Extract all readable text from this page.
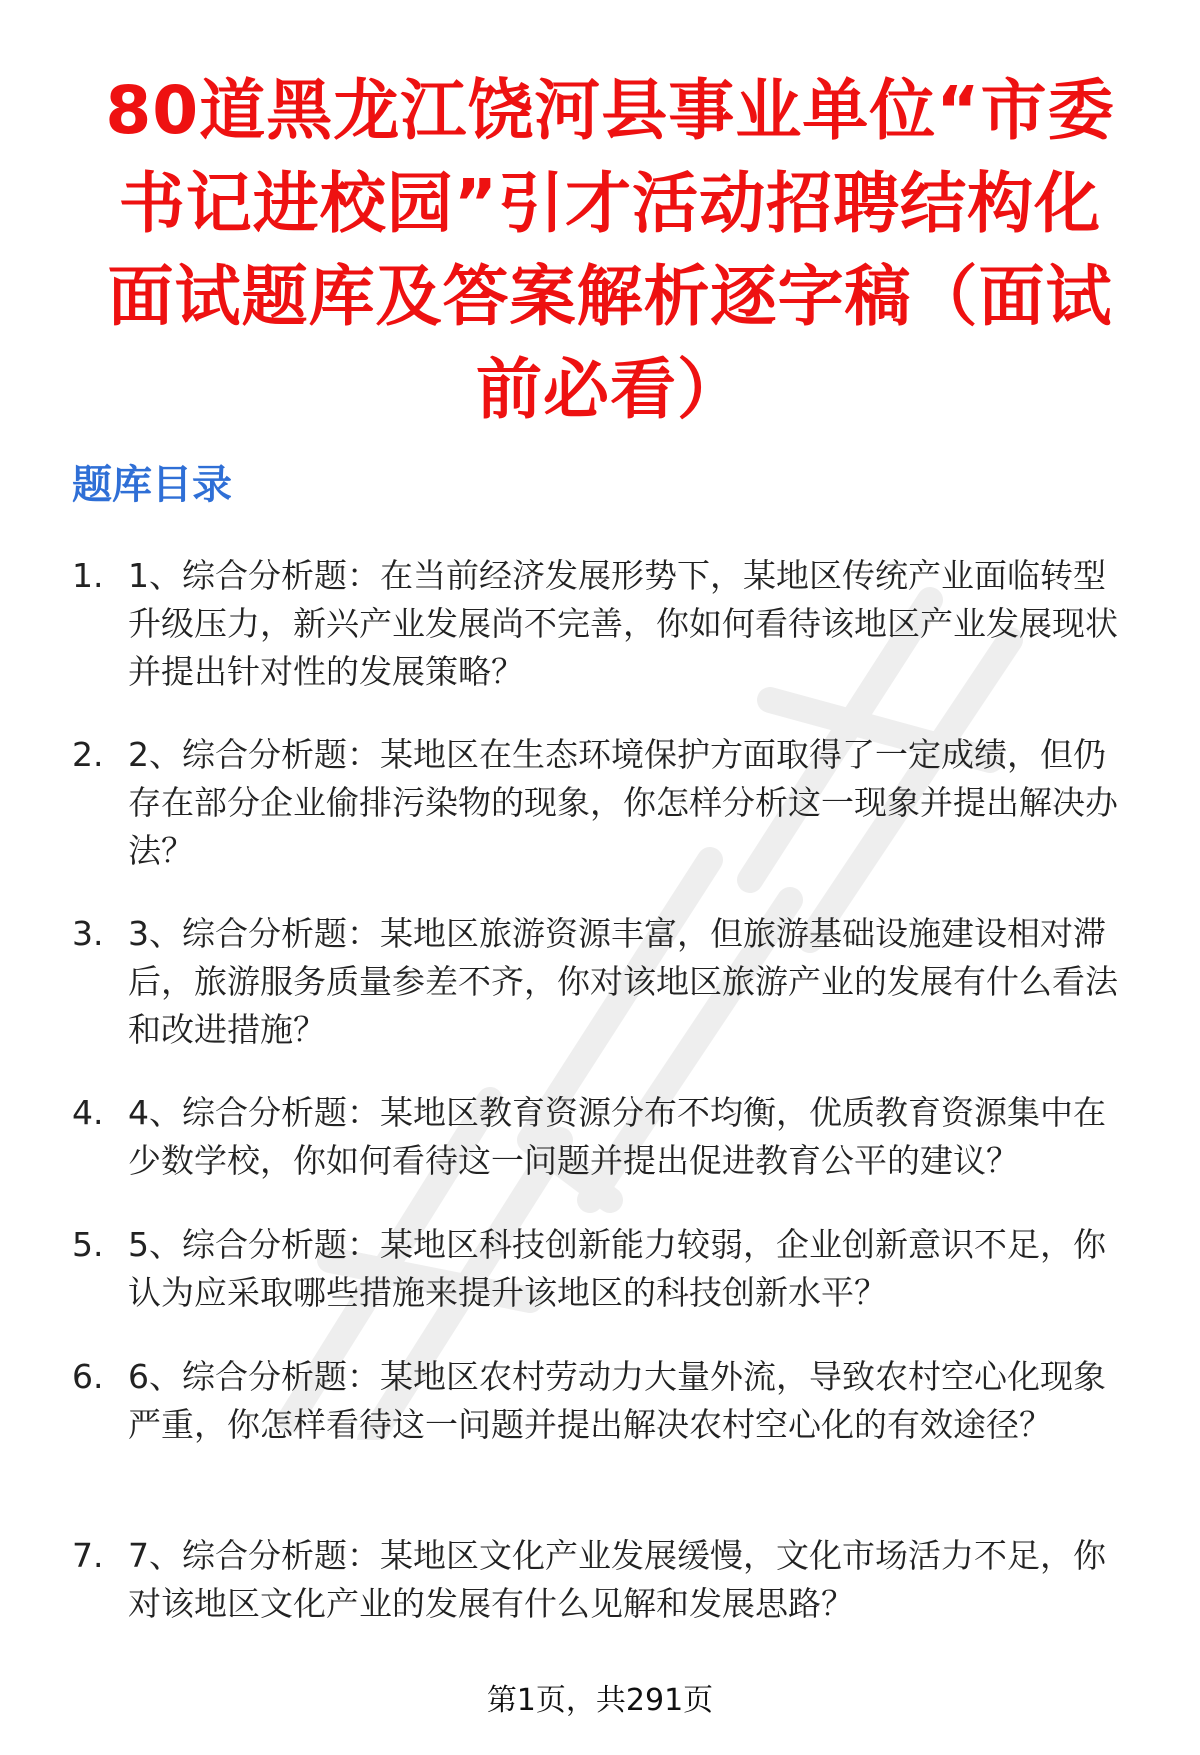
80道黑龙江饶河县事业单位“市委书记进校园”引才活动招聘结构化面试题库及答案解析逐字稿（面试前必看）
题库目录
1. 1、综合分析题：在当前经济发展形势下，某地区传统产业面临转型升级压力，新兴产业发展尚不完善，你如何看待该地区产业发展现状并提出针对性的发展策略？
2. 2、综合分析题：某地区在生态环境保护方面取得了一定成绩，但仍存在部分企业偷排污染物的现象，你怎样分析这一现象并提出解决办法？
3. 3、综合分析题：某地区旅游资源丰富，但旅游基础设施建设相对滞后，旅游服务质量参差不齐，你对该地区旅游产业的发展有什么看法和改进措施？
4. 4、综合分析题：某地区教育资源分布不均衡，优质教育资源集中在少数学校，你如何看待这一问题并提出促进教育公平的建议？
5. 5、综合分析题：某地区科技创新能力较弱，企业创新意识不足，你认为应采取哪些措施来提升该地区的科技创新水平？
6. 6、综合分析题：某地区农村劳动力大量外流，导致农村空心化现象严重，你怎样看待这一问题并提出解决农村空心化的有效途径？
7. 7、综合分析题：某地区文化产业发展缓慢，文化市场活力不足，你对该地区文化产业的发展有什么见解和发展思路？
第1页，共291页
